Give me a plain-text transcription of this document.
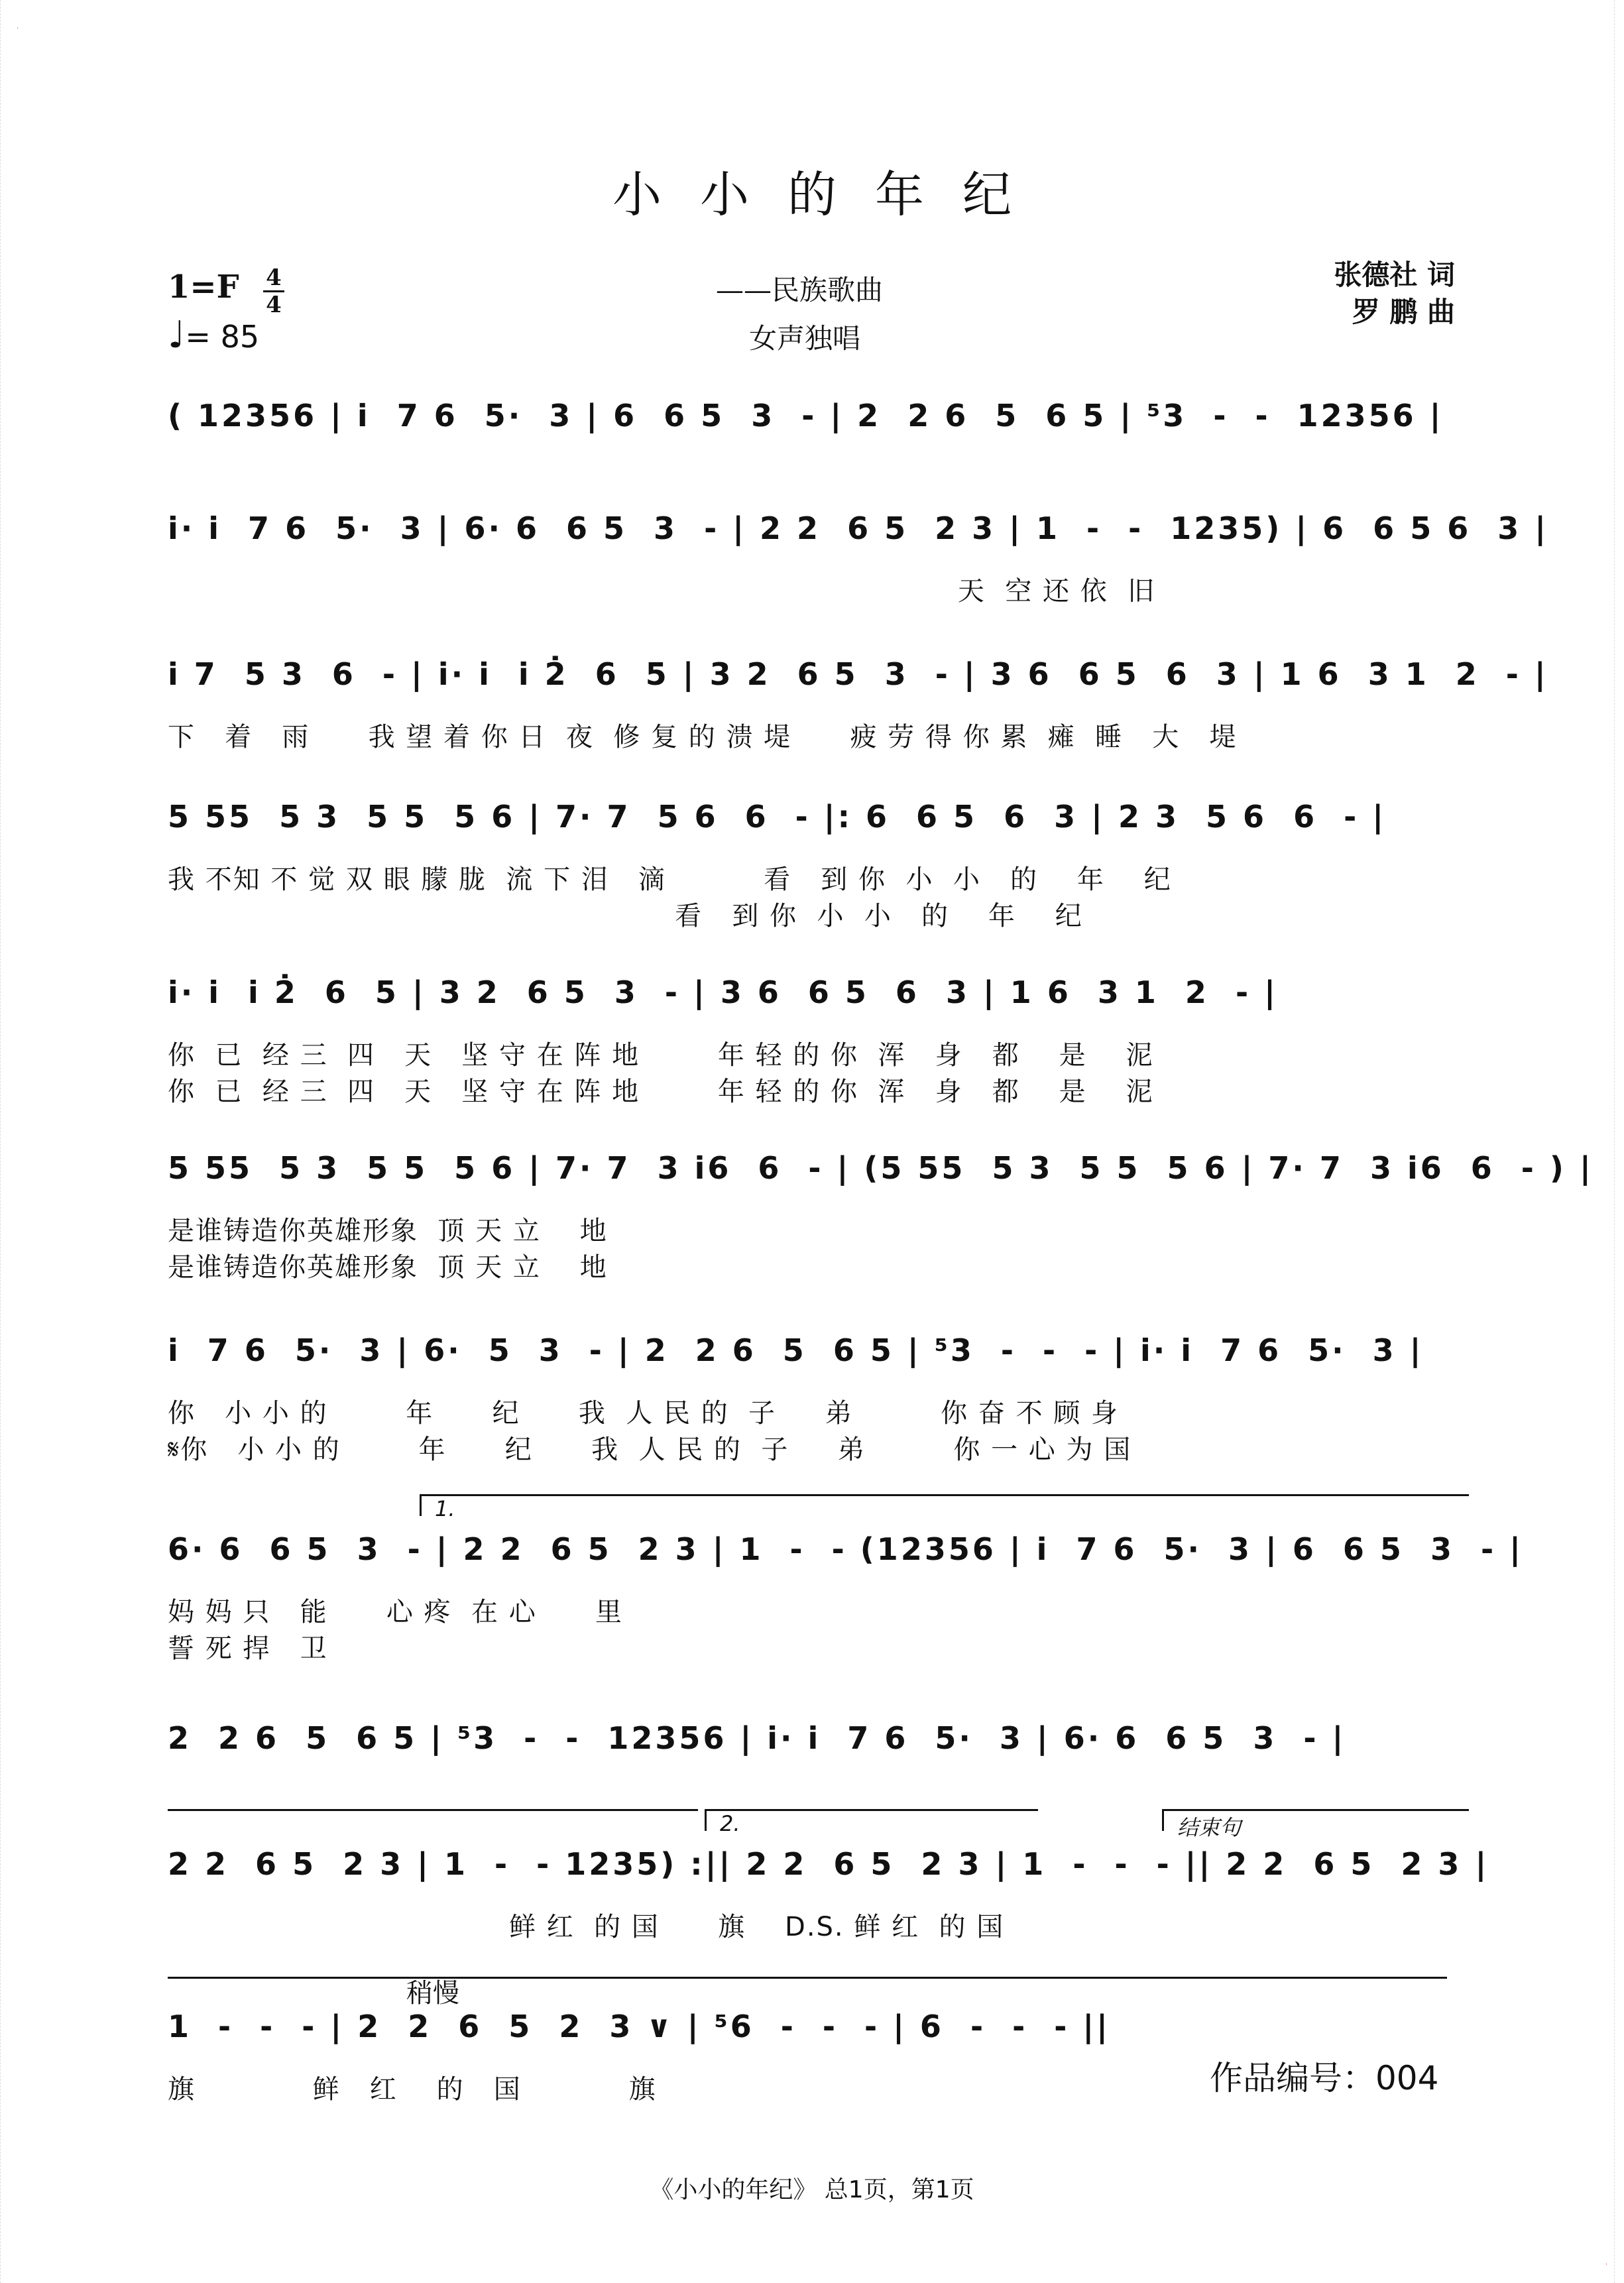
·
小小的年纪
1=F 4
4
♩= 85
——民族歌曲
女声独唱
张德社 词
罗 鹏 曲
( 12356 | i̇  7 6  5·  3 | 6  6 5  3  - | 2  2 6  5  6 5 | ⁵3  -  -  12356 |
i̇· i̇  7 6  5·  3 | 6· 6  6 5  3  - | 2 2  6 5  2 3 | 1  -  -  1235) | 6  6 5 6  3 |
天  空 还 依  旧
i̇ 7  5 3  6  - | i̇· i̇  i̇ 2̇  6  5 | 3 2  6 5  3  - | 3 6  6 5  6  3 | 1 6  3 1  2  - |
下   着   雨      我 望 着 你 日  夜  修 复 的 溃 堤      疲 劳 得 你 累  瘫  睡   大   堤
5 55  5 3  5 5  5 6 | 7· 7  5 6  6  - |: 6  6 5  6  3 | 2 3  5 6  6  - |
我 不知 不 觉 双 眼 朦 胧  流 下 泪   滴          看   到 你  小  小   的    年    纪
看   到 你  小  小   的    年    纪
i̇· i̇  i̇ 2̇  6  5 | 3 2  6 5  3  - | 3 6  6 5  6  3 | 1 6  3 1  2  - |
你  已  经 三  四   天   坚 守 在 阵 地        年 轻 的 你  浑   身   都    是    泥
你  已  经 三  四   天   坚 守 在 阵 地        年 轻 的 你  浑   身   都    是    泥
5 55  5 3  5 5  5 6 | 7· 7  3 i̇6  6  - | (5 55  5 3  5 5  5 6 | 7· 7  3 i̇6  6  - ) |
是谁铸造你英雄形象  顶 天 立    地
是谁铸造你英雄形象  顶 天 立    地
i̇  7 6  5·  3 | 6·  5  3  - | 2  2 6  5  6 5 | ⁵3  -  -  - | i̇· i̇  7 6  5·  3 |
你   小 小 的        年      纪      我  人 民 的  子     弟         你 奋 不 顾 身
𝄋你   小 小 的        年      纪      我  人 民 的  子     弟         你 一 心 为 国
1.
6· 6  6 5  3  - | 2 2  6 5  2 3 | 1  -  - (12356 | i̇  7 6  5·  3 | 6  6 5  3  - |
妈 妈 只   能      心 疼  在 心      里
誓 死 捍   卫
2  2 6  5  6 5 | ⁵3  -  -  12356 | i̇· i̇  7 6  5·  3 | 6· 6  6 5  3  - |
2.	结束句
2 2  6 5  2 3 | 1  -  - 1235) :|| 2 2  6 5  2 3 | 1  -  -  - || 2 2  6 5  2 3 |
鲜 红  的 国      旗    D.S. 鲜 红  的 国
稍慢
1  -  -  - | 2  2  6  5  2  3 ∨ | ⁵6  -  -  - | 6  -  -  - ||
旗            鲜   红    的   国           旗	作品编号：004
《小小的年纪》 总1页，第1页
·
